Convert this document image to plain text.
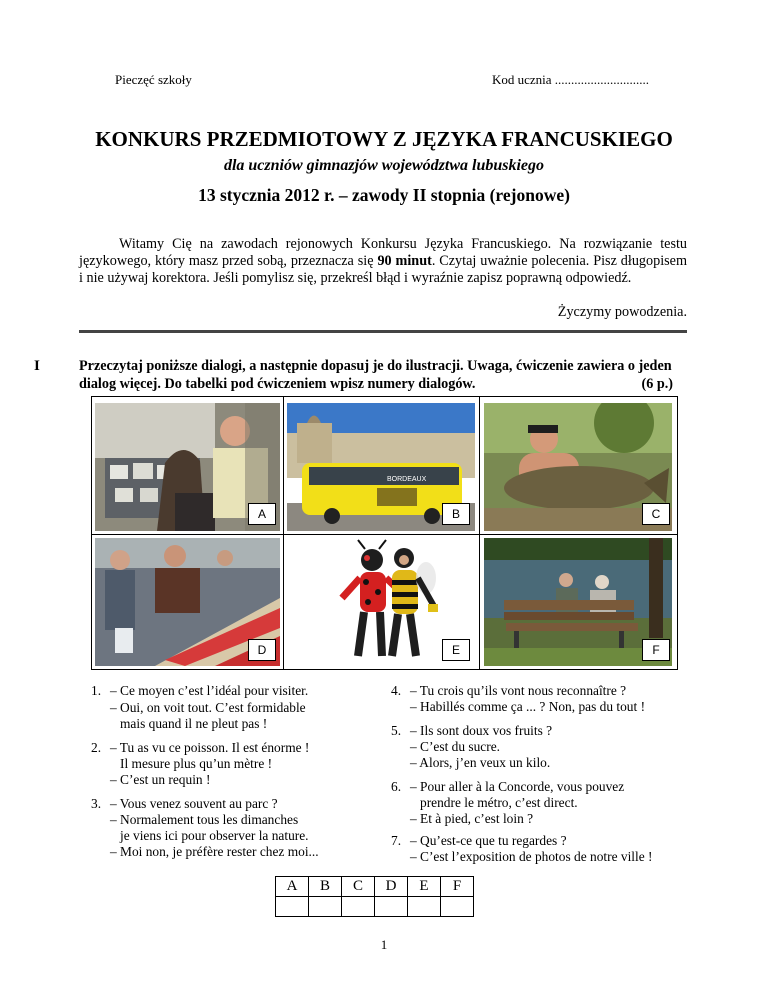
Pieczęć szkoły	Kod ucznia .............................
KONKURS PRZEDMIOTOWY Z JĘZYKA FRANCUSKIEGO
dla uczniów gimnazjów województwa lubuskiego
13 stycznia 2012 r. – zawody II stopnia (rejonowe)
Witamy Cię na zawodach rejonowych Konkursu Języka Francuskiego. Na rozwiązanie testu językowego, który masz przed sobą, przeznacza się 90 minut. Czytaj uważnie polecenia. Pisz długopisem i nie używaj korektora. Jeśli pomylisz się, przekreśl błąd i wyraźnie zapisz poprawną odpowiedź.
Życzymy powodzenia.
I	Przeczytaj poniższe dialogi, a następnie dopasuj je do ilustracji. Uwaga, ćwiczenie zawiera o jeden dialog więcej. Do tabelki pod ćwiczeniem wpisz numery dialogów.	(6 p.)
A
BORDEAUX
B	C
D	E	F
1. – Ce moyen c’est l’idéal pour visiter.
– Oui, on voit tout. C’est formidable
mais quand il ne pleut pas !
2. – Tu as vu ce poisson. Il est énorme !
Il mesure plus qu’un mètre !
– C’est un requin !
3. – Vous venez souvent au parc ?
– Normalement tous les dimanches
je viens ici pour observer la nature.
– Moi non, je préfère rester chez moi...
4. – Tu crois qu’ils vont nous reconnaître ?
– Habillés comme ça ... ? Non, pas du tout !
5. – Ils sont doux vos fruits ?
– C’est du sucre.
– Alors, j’en veux un kilo.
6. – Pour aller à la Concorde, vous pouvez
prendre le métro, c’est direct.
– Et à pied, c’est loin ?
7. – Qu’est-ce que tu regardes ?
– C’est l’exposition de photos de notre ville !
A	B	C	D	E	F

1
